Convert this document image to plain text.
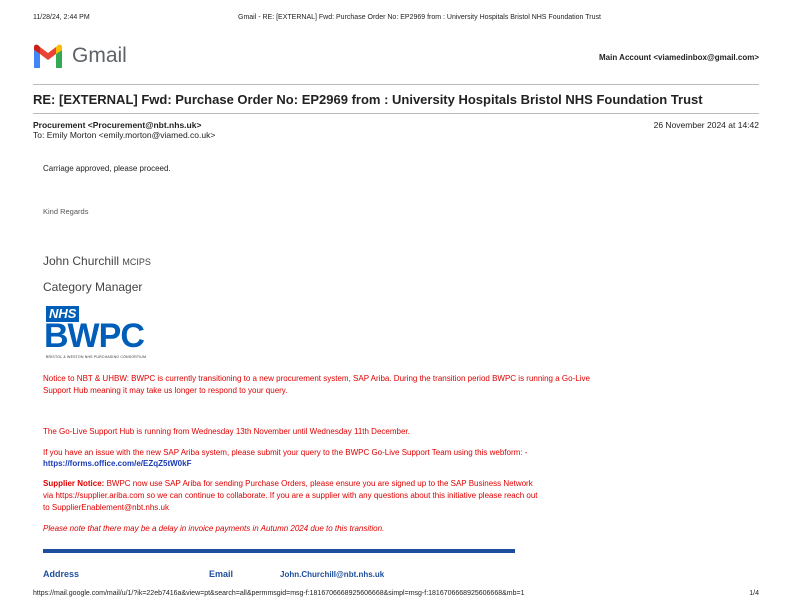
11/28/24, 2:44 PM	Gmail - RE: [EXTERNAL] Fwd: Purchase Order No: EP2969 from : University Hospitals Bristol NHS Foundation Trust
Gmail	Main Account <viamedinbox@gmail.com>
RE: [EXTERNAL] Fwd: Purchase Order No: EP2969 from : University Hospitals Bristol NHS Foundation Trust
Procurement <Procurement@nbt.nhs.uk>
To: Emily Morton <emily.morton@viamed.co.uk>
26 November 2024 at 14:42
Carriage approved, please proceed.
Kind Regards
John Churchill MCIPS
Category Manager
NHS
BWPC
BRISTOL & WESTON NHS PURCHASING CONSORTIUM
Notice to NBT & UHBW: BWPC is currently transitioning to a new procurement system, SAP Ariba. During the transition period BWPC is running a Go-Live
Support Hub meaning it may take us longer to respond to your query.
The Go-Live Support Hub is running from Wednesday 13th November until Wednesday 11th December.
If you have an issue with the new SAP Ariba system, please submit your query to the BWPC Go-Live Support Team using this webform: -
https://forms.office.com/e/EZqZ5tW0kF
Supplier Notice: BWPC now use SAP Ariba for sending Purchase Orders, please ensure you are signed up to the SAP Business Network
via https://supplier.ariba.com so we can continue to collaborate. If you are a supplier with any questions about this initiative please reach out
to SupplierEnablement@nbt.nhs.uk
Please note that there may be a delay in invoice payments in Autumn 2024 due to this transition.
Address	Email	John.Churchill@nbt.nhs.uk
https://mail.google.com/mail/u/1/?ik=22eb7416a&view=pt&search=all&permmsgid=msg-f:1816706668925606668&simpl=msg-f:1816706668925606668&mb=1	1/4
